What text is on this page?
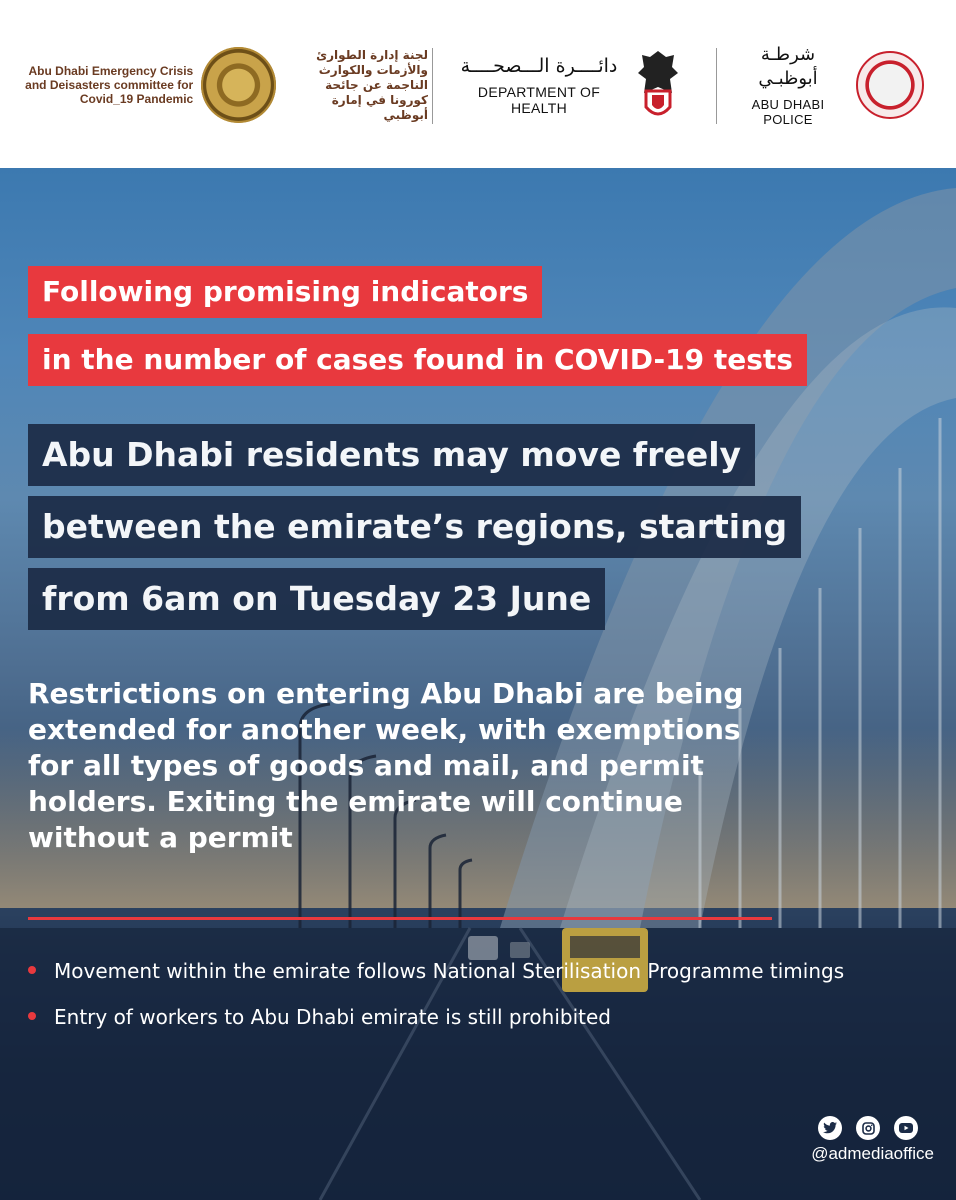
Abu Dhabi Emergency Crisis and Deisasters committee for Covid_19 Pandemic
لجنة إدارة الطوارئ والأزمات والكوارث الناجمة عن جائحة كورونا في إمارة أبوظبي
دائــــرة الـــصحــــة
DEPARTMENT OF HEALTH
شرطـة أبوظبـي
ABU DHABI POLICE
Following promising indicators
in the number of cases found in COVID-19 tests
Abu Dhabi residents may move freely
between the emirate’s regions, starting
from 6am on Tuesday 23 June
Restrictions on entering Abu Dhabi are being
extended for another week, with exemptions
for all types of goods and mail, and permit
holders. Exiting the emirate will continue
without a permit
Movement within the emirate follows National Sterilisation Programme timings
Entry of workers to Abu Dhabi emirate is still prohibited
@admediaoffice
